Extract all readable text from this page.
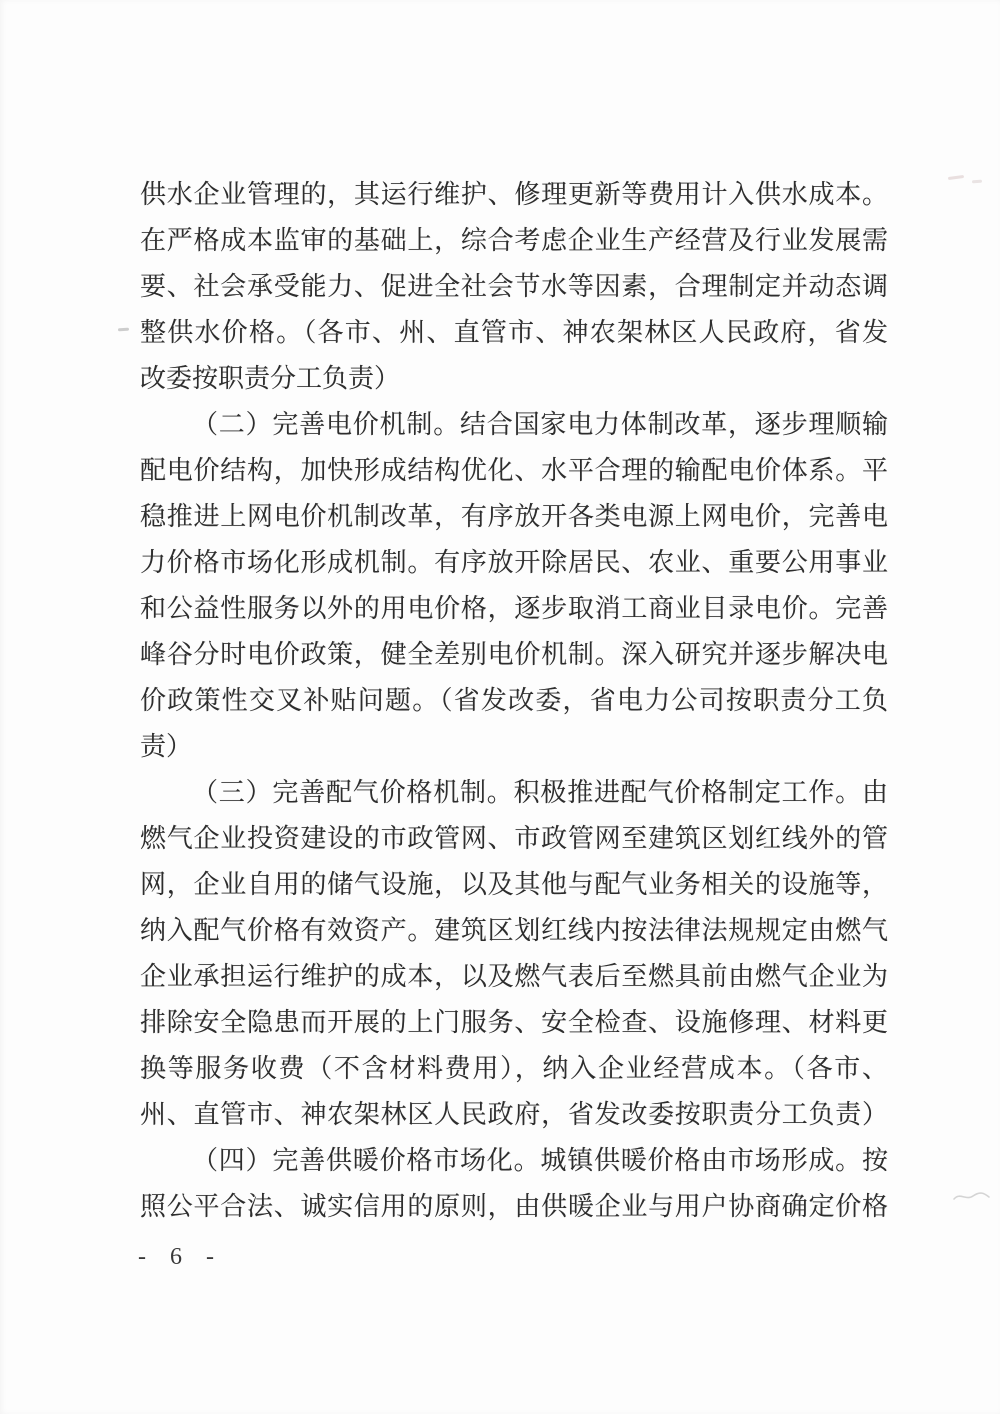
供水企业管理的，其运行维护、修理更新等费用计入供水成本。
在严格成本监审的基础上，综合考虑企业生产经营及行业发展需
要、社会承受能力、促进全社会节水等因素，合理制定并动态调
整供水价格。（各市、州、直管市、神农架林区人民政府，省发
改委按职责分工负责）
（二）完善电价机制。结合国家电力体制改革，逐步理顺输
配电价结构，加快形成结构优化、水平合理的输配电价体系。平
稳推进上网电价机制改革，有序放开各类电源上网电价，完善电
力价格市场化形成机制。有序放开除居民、农业、重要公用事业
和公益性服务以外的用电价格，逐步取消工商业目录电价。完善
峰谷分时电价政策，健全差别电价机制。深入研究并逐步解决电
价政策性交叉补贴问题。（省发改委，省电力公司按职责分工负
责）
（三）完善配气价格机制。积极推进配气价格制定工作。由
燃气企业投资建设的市政管网、市政管网至建筑区划红线外的管
网，企业自用的储气设施，以及其他与配气业务相关的设施等，
纳入配气价格有效资产。建筑区划红线内按法律法规规定由燃气
企业承担运行维护的成本，以及燃气表后至燃具前由燃气企业为
排除安全隐患而开展的上门服务、安全检查、设施修理、材料更
换等服务收费（不含材料费用），纳入企业经营成本。（各市、
州、直管市、神农架林区人民政府，省发改委按职责分工负责）
（四）完善供暖价格市场化。城镇供暖价格由市场形成。按
照公平合法、诚实信用的原则，由供暖企业与用户协商确定价格
- 6 -
